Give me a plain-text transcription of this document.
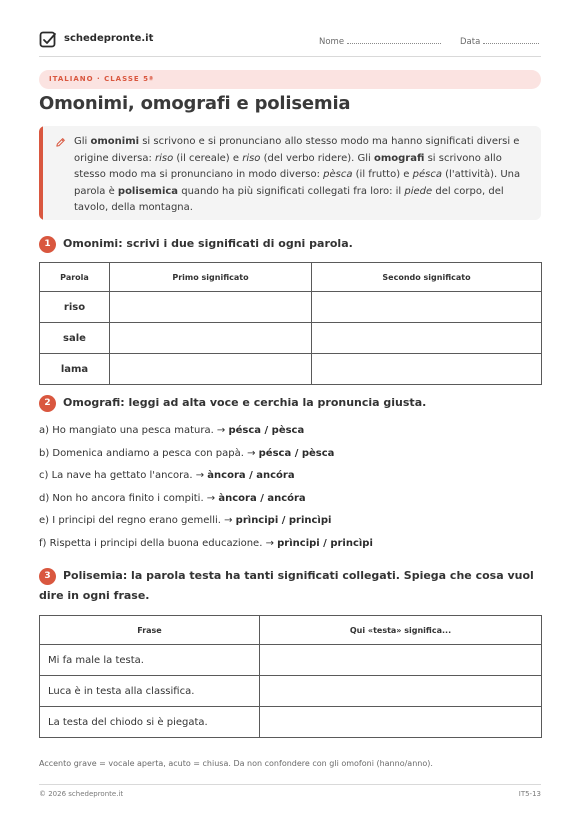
schedepronte.it	Nome	Data
ITALIANO · CLASSE 5ª
Omonimi, omografi e polisemia
Gli omonimi si scrivono e si pronunciano allo stesso modo ma hanno significati diversi e origine diversa: riso (il cereale) e riso (del verbo ridere). Gli omografi si scrivono allo stesso modo ma si pronunciano in modo diverso: pèsca (il frutto) e pésca (l'attività). Una parola è polisemica quando ha più significati collegati fra loro: il piede del corpo, del tavolo, della montagna.
1 Omonimi: scrivi i due significati di ogni parola.
Parola	Primo significato	Secondo significato
riso		
sale		
lama		
2 Omografi: leggi ad alta voce e cerchia la pronuncia giusta.
a) Ho mangiato una pesca matura. → pésca / pèsca
b) Domenica andiamo a pesca con papà. → pésca / pèsca
c) La nave ha gettato l'ancora. → àncora / ancóra
d) Non ho ancora finito i compiti. → àncora / ancóra
e) I principi del regno erano gemelli. → prìncipi / princìpi
f) Rispetta i principi della buona educazione. → prìncipi / princìpi
3 Polisemia: la parola testa ha tanti significati collegati. Spiega che cosa vuol dire in ogni frase.
Frase	Qui «testa» significa...
Mi fa male la testa.	
Luca è in testa alla classifica.	
La testa del chiodo si è piegata.	
Accento grave = vocale aperta, acuto = chiusa. Da non confondere con gli omofoni (hanno/anno).
© 2026 schedepronte.it	IT5-13
